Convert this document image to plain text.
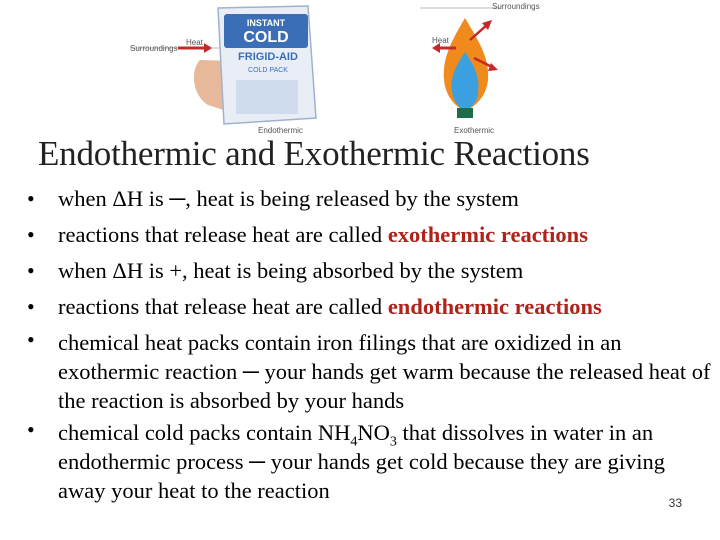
INSTANT
COLD
FRIGID-AID
COLD PACK
Surroundings
Heat
Endothermic
Surroundings
Heat
Exothermic
Endothermic and Exothermic Reactions
• when ΔH is ─, heat is being released by the system
• reactions that release heat are called exothermic reactions
• when ΔH is +, heat is being absorbed by the system
• reactions that release heat are called endothermic reactions
• chemical heat packs contain iron filings that are oxidized in an exothermic reaction ─ your hands get warm because the released heat of the reaction is absorbed by your hands
• chemical cold packs contain $NH_4NO_3$ that dissolves in water in an endothermic process ─ your hands get cold because they are giving away your heat to the reaction	33
